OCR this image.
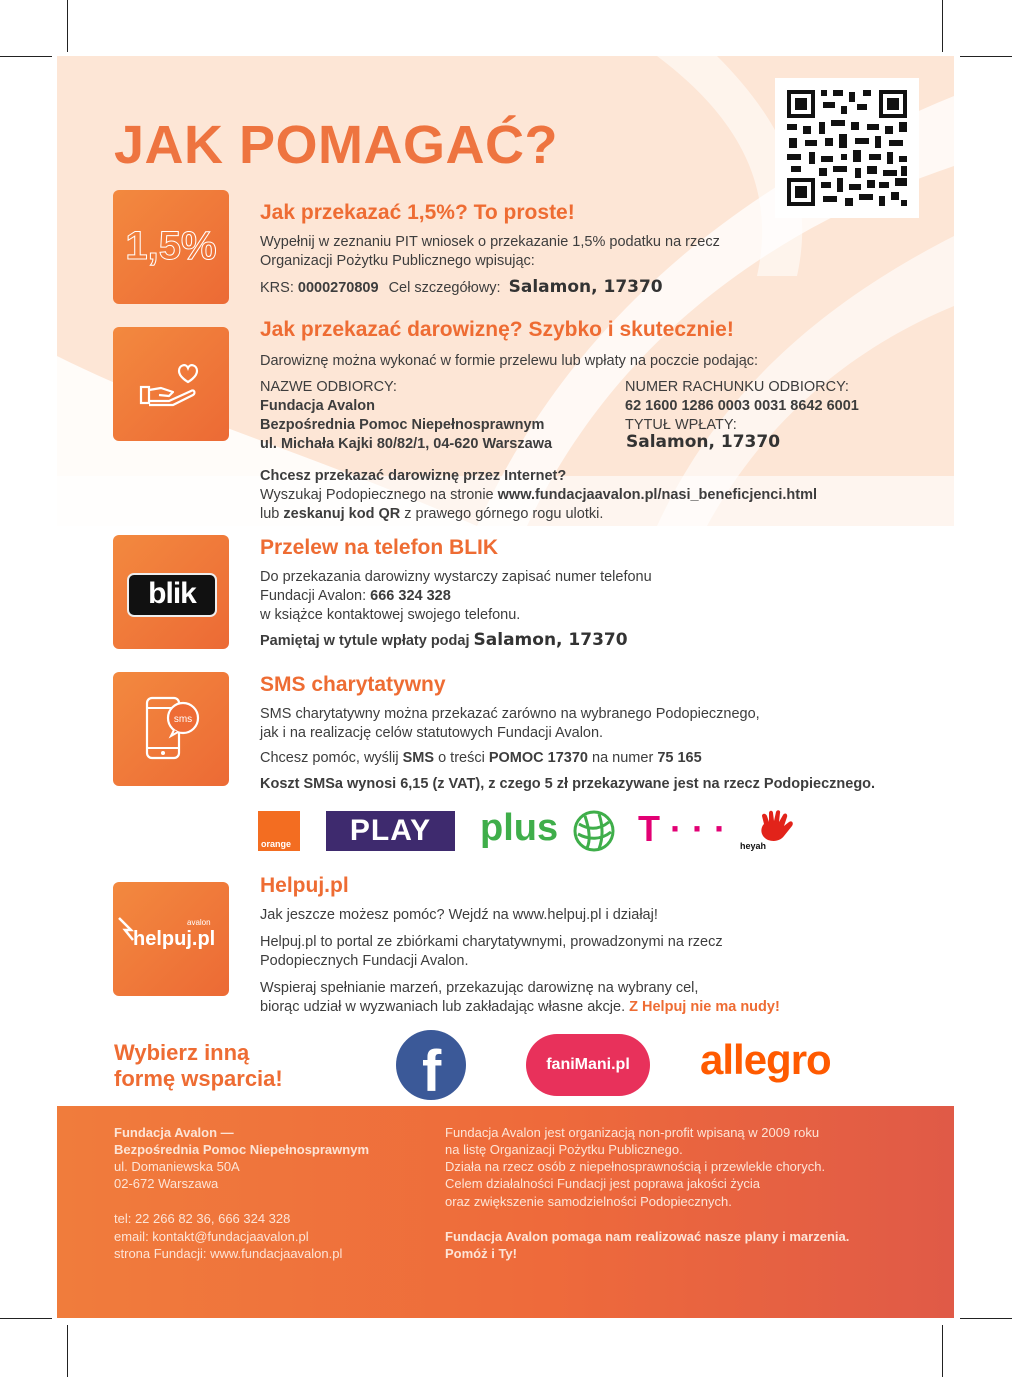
JAK POMAGAĆ?
1,5%
Jak przekazać 1,5%? To proste!
Wypełnij w zeznaniu PIT wniosek o przekazanie 1,5% podatku na rzecz
Organizacji Pożytku Publicznego wpisując:
KRS: 0000270809 Cel szczegółowy: Salamon, 17370
Jak przekazać darowiznę? Szybko i skutecznie!
Darowiznę można wykonać w formie przelewu lub wpłaty na poczcie podając:
NAZWE ODBIORCY:
Fundacja Avalon
Bezpośrednia Pomoc Niepełnosprawnym
ul. Michała Kajki 80/82/1, 04-620 Warszawa
NUMER RACHUNKU ODBIORCY:
62 1600 1286 0003 0031 8642 6001
TYTUŁ WPŁATY:
Salamon, 17370
Chcesz przekazać darowiznę przez Internet?
Wyszukaj Podopiecznego na stronie www.fundacjaavalon.pl/nasi_beneficjenci.html
lub zeskanuj kod QR z prawego górnego rogu ulotki.
blik
Przelew na telefon BLIK
Do przekazania darowizny wystarczy zapisać numer telefonu
Fundacji Avalon: 666 324 328
w książce kontaktowej swojego telefonu.
Pamiętaj w tytule wpłaty podaj Salamon, 17370
sms
SMS charytatywny
SMS charytatywny można przekazać zarówno na wybranego Podopiecznego,
jak i na realizację celów statutowych Fundacji Avalon.
Chcesz pomóc, wyślij SMS o treści POMOC 17370 na numer 75 165
Koszt SMSa wynosi 6,15 (z VAT), z czego 5 zł przekazywane jest na rzecz Podopiecznego.
orange	PLAY	plus T · · · heyah
avalon
helpuj.pl
Helpuj.pl
Jak jeszcze możesz pomóc? Wejdź na www.helpuj.pl i działaj!
Helpuj.pl to portal ze zbiórkami charytatywnymi, prowadzonymi na rzecz
Podopiecznych Fundacji Avalon.
Wspieraj spełnianie marzeń, przekazując darowiznę na wybrany cel,
biorąc udział w wyzwaniach lub zakładając własne akcje. Z Helpuj nie ma nudy!
Wybierz inną
formę wsparcia! f	faniMani.pl	allegro
Fundacja Avalon —
Bezpośrednia Pomoc Niepełnosprawnym
ul. Domaniewska 50A
02-672 Warszawa
tel: 22 266 82 36, 666 324 328
email: kontakt@fundacjaavalon.pl
strona Fundacji: www.fundacjaavalon.pl
Fundacja Avalon jest organizacją non-profit wpisaną w 2009 roku
na listę Organizacji Pożytku Publicznego.
Działa na rzecz osób z niepełnosprawnością i przewlekle chorych.
Celem działalności Fundacji jest poprawa jakości życia
oraz zwiększenie samodzielności Podopiecznych.
Fundacja Avalon pomaga nam realizować nasze plany i marzenia.
Pomóż i Ty!
